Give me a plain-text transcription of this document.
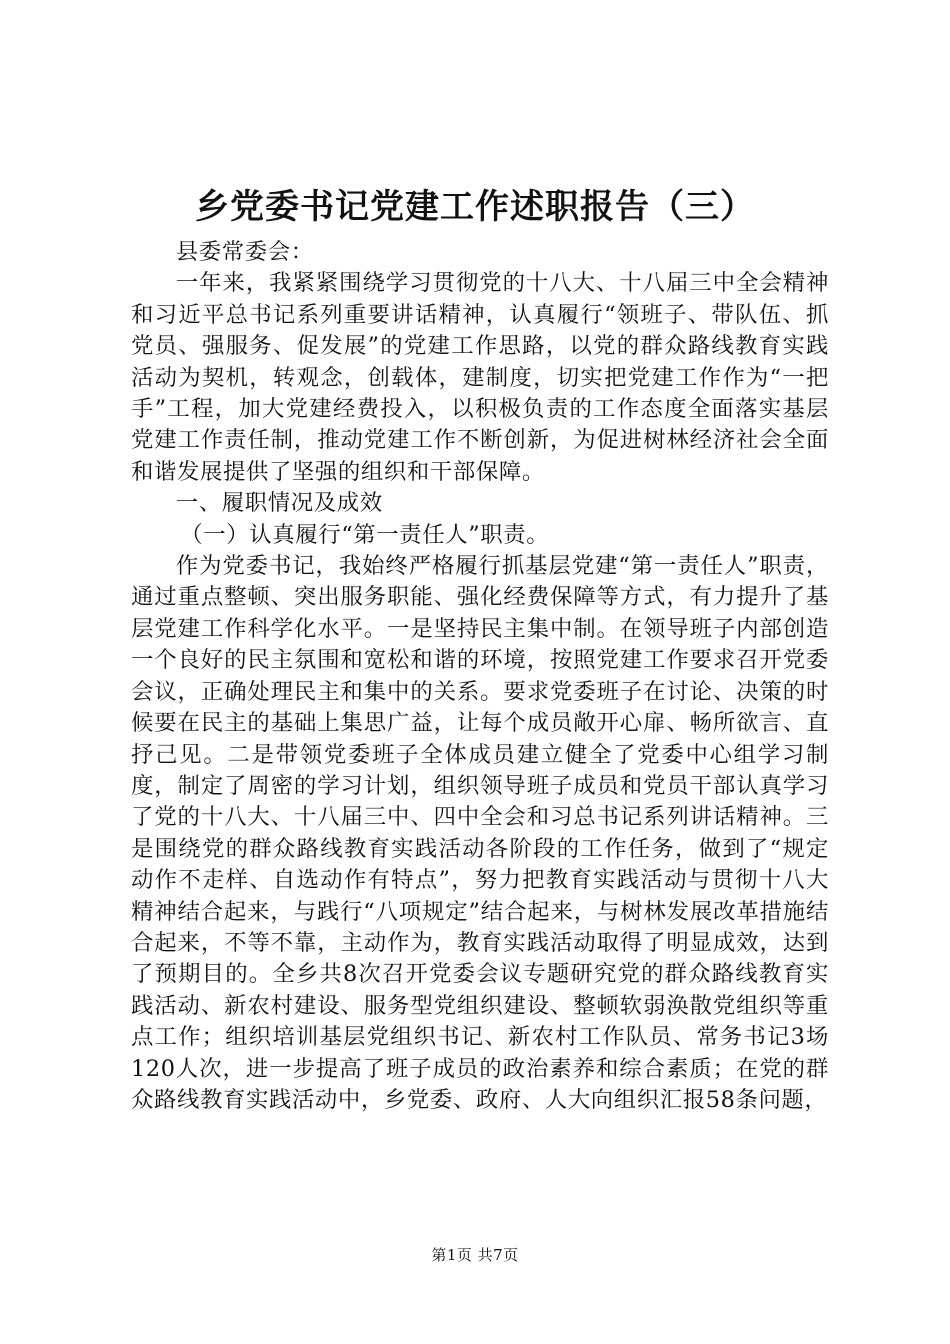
乡党委书记党建工作述职报告（三）

县委常委会：

一年来，我紧紧围绕学习贯彻党的十八大、十八届三中全会精神和习近平总书记系列重要讲话精神，认真履行“领班子、带队伍、抓党员、强服务、促发展”的党建工作思路，以党的群众路线教育实践活动为契机，转观念，创载体，建制度，切实把党建工作作为“一把手”工程，加大党建经费投入，以积极负责的工作态度全面落实基层党建工作责任制，推动党建工作不断创新，为促进树林经济社会全面和谐发展提供了坚强的组织和干部保障。

一、履职情况及成效

（一）认真履行“第一责任人”职责。

作为党委书记，我始终严格履行抓基层党建“第一责任人”职责，通过重点整顿、突出服务职能、强化经费保障等方式，有力提升了基层党建工作科学化水平。一是坚持民主集中制。在领导班子内部创造一个良好的民主氛围和宽松和谐的环境，按照党建工作要求召开党委会议，正确处理民主和集中的关系。要求党委班子在讨论、决策的时候要在民主的基础上集思广益，让每个成员敞开心扉、畅所欲言、直抒己见。二是带领党委班子全体成员建立健全了党委中心组学习制度，制定了周密的学习计划，组织领导班子成员和党员干部认真学习了党的十八大、十八届三中、四中全会和习总书记系列讲话精神。三是围绕党的群众路线教育实践活动各阶段的工作任务，做到了“规定动作不走样、自选动作有特点”，努力把教育实践活动与贯彻十八大精神结合起来，与践行“八项规定”结合起来，与树林发展改革措施结合起来，不等不靠，主动作为，教育实践活动取得了明显成效，达到了预期目的。全乡共8次召开党委会议专题研究党的群众路线教育实践活动、新农村建设、服务型党组织建设、整顿软弱涣散党组织等重点工作；组织培训基层党组织书记、新农村工作队员、常务书记3场120人次，进一步提高了班子成员的政治素养和综合素质；在党的群众路线教育实践活动中，乡党委、政府、人大向组织汇报58条问题，

第1页 共7页
